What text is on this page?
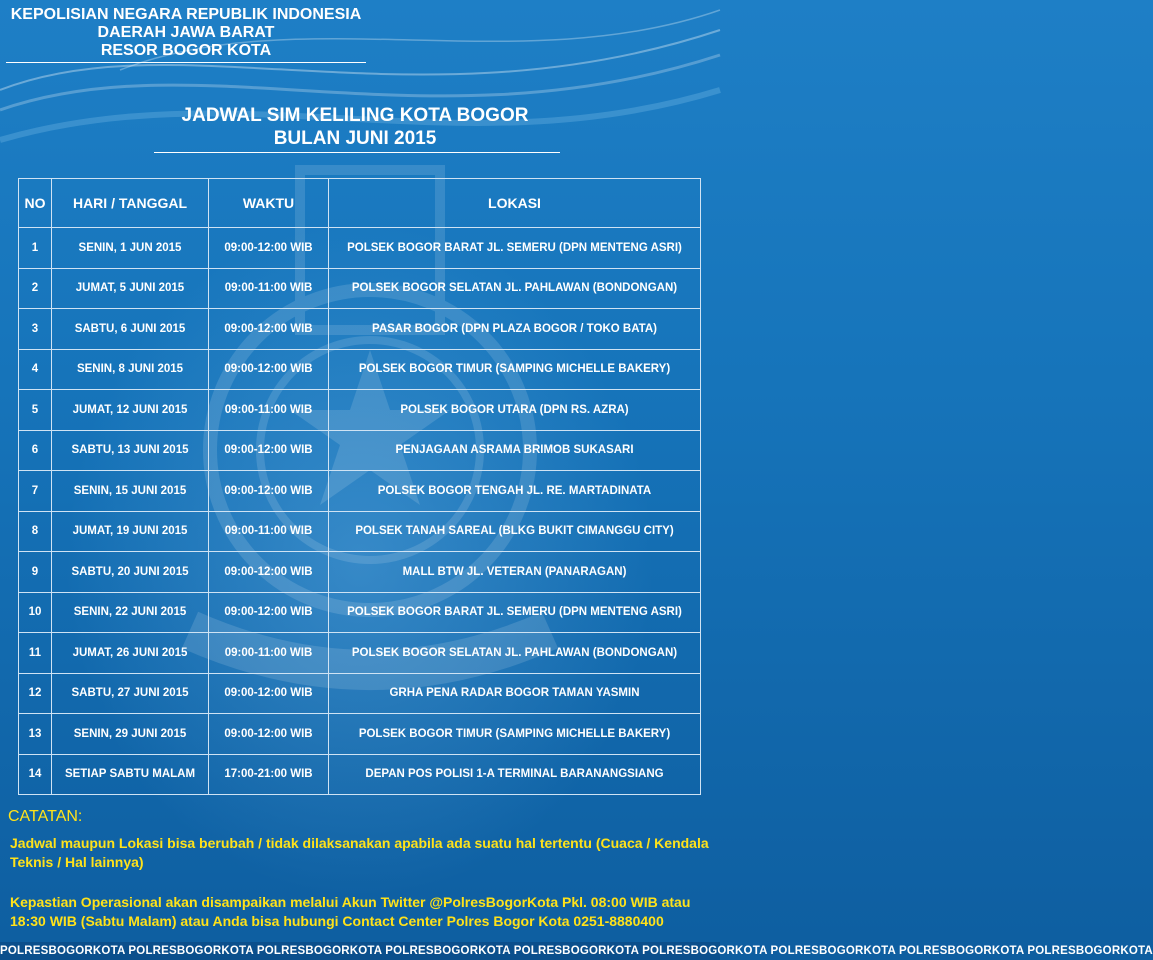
KEPOLISIAN NEGARA REPUBLIK INDONESIA
DAERAH JAWA BARAT
RESOR BOGOR KOTA
JADWAL SIM KELILING KOTA BOGOR
BULAN JUNI 2015
NO	HARI / TANGGAL	WAKTU	LOKASI
1	SENIN, 1 JUN 2015	09:00-12:00 WIB	POLSEK BOGOR BARAT JL. SEMERU (DPN MENTENG ASRI)
2	JUMAT, 5 JUNI 2015	09:00-11:00 WIB	POLSEK BOGOR SELATAN JL. PAHLAWAN (BONDONGAN)
3	SABTU, 6 JUNI 2015	09:00-12:00 WIB	PASAR BOGOR (DPN PLAZA BOGOR / TOKO BATA)
4	SENIN, 8 JUNI 2015	09:00-12:00 WIB	POLSEK BOGOR TIMUR (SAMPING MICHELLE BAKERY)
5	JUMAT, 12 JUNI 2015	09:00-11:00 WIB	POLSEK BOGOR UTARA (DPN RS. AZRA)
6	SABTU, 13 JUNI 2015	09:00-12:00 WIB	PENJAGAAN ASRAMA BRIMOB SUKASARI
7	SENIN, 15 JUNI 2015	09:00-12:00 WIB	POLSEK BOGOR TENGAH JL. RE. MARTADINATA
8	JUMAT, 19 JUNI 2015	09:00-11:00 WIB	POLSEK TANAH SAREAL (BLKG BUKIT CIMANGGU CITY)
9	SABTU, 20 JUNI 2015	09:00-12:00 WIB	MALL BTW JL. VETERAN (PANARAGAN)
10	SENIN, 22 JUNI 2015	09:00-12:00 WIB	POLSEK BOGOR BARAT JL. SEMERU (DPN MENTENG ASRI)
11	JUMAT, 26 JUNI 2015	09:00-11:00 WIB	POLSEK BOGOR SELATAN JL. PAHLAWAN (BONDONGAN)
12	SABTU, 27 JUNI 2015	09:00-12:00 WIB	GRHA PENA RADAR BOGOR TAMAN YASMIN
13	SENIN, 29 JUNI 2015	09:00-12:00 WIB	POLSEK BOGOR TIMUR (SAMPING MICHELLE BAKERY)
14	SETIAP SABTU MALAM	17:00-21:00 WIB	DEPAN POS POLISI 1-A TERMINAL BARANANGSIANG
CATATAN:
Jadwal maupun Lokasi bisa berubah / tidak dilaksanakan apabila ada suatu hal tertentu (Cuaca / Kendala Teknis / Hal lainnya)
Kepastian Operasional akan disampaikan melalui Akun Twitter @PolresBogorKota Pkl. 08:00 WIB atau 18:30 WIB (Sabtu Malam) atau Anda bisa hubungi Contact Center Polres Bogor Kota 0251-8880400
POLRESBOGORKOTA POLRESBOGORKOTA POLRESBOGORKOTA POLRESBOGORKOTA POLRESBOGORKOTA POLRESBOGORKOTA POLRESBOGORKOTA POLRESBOGORKOTA POLRESBOGORKOTA
